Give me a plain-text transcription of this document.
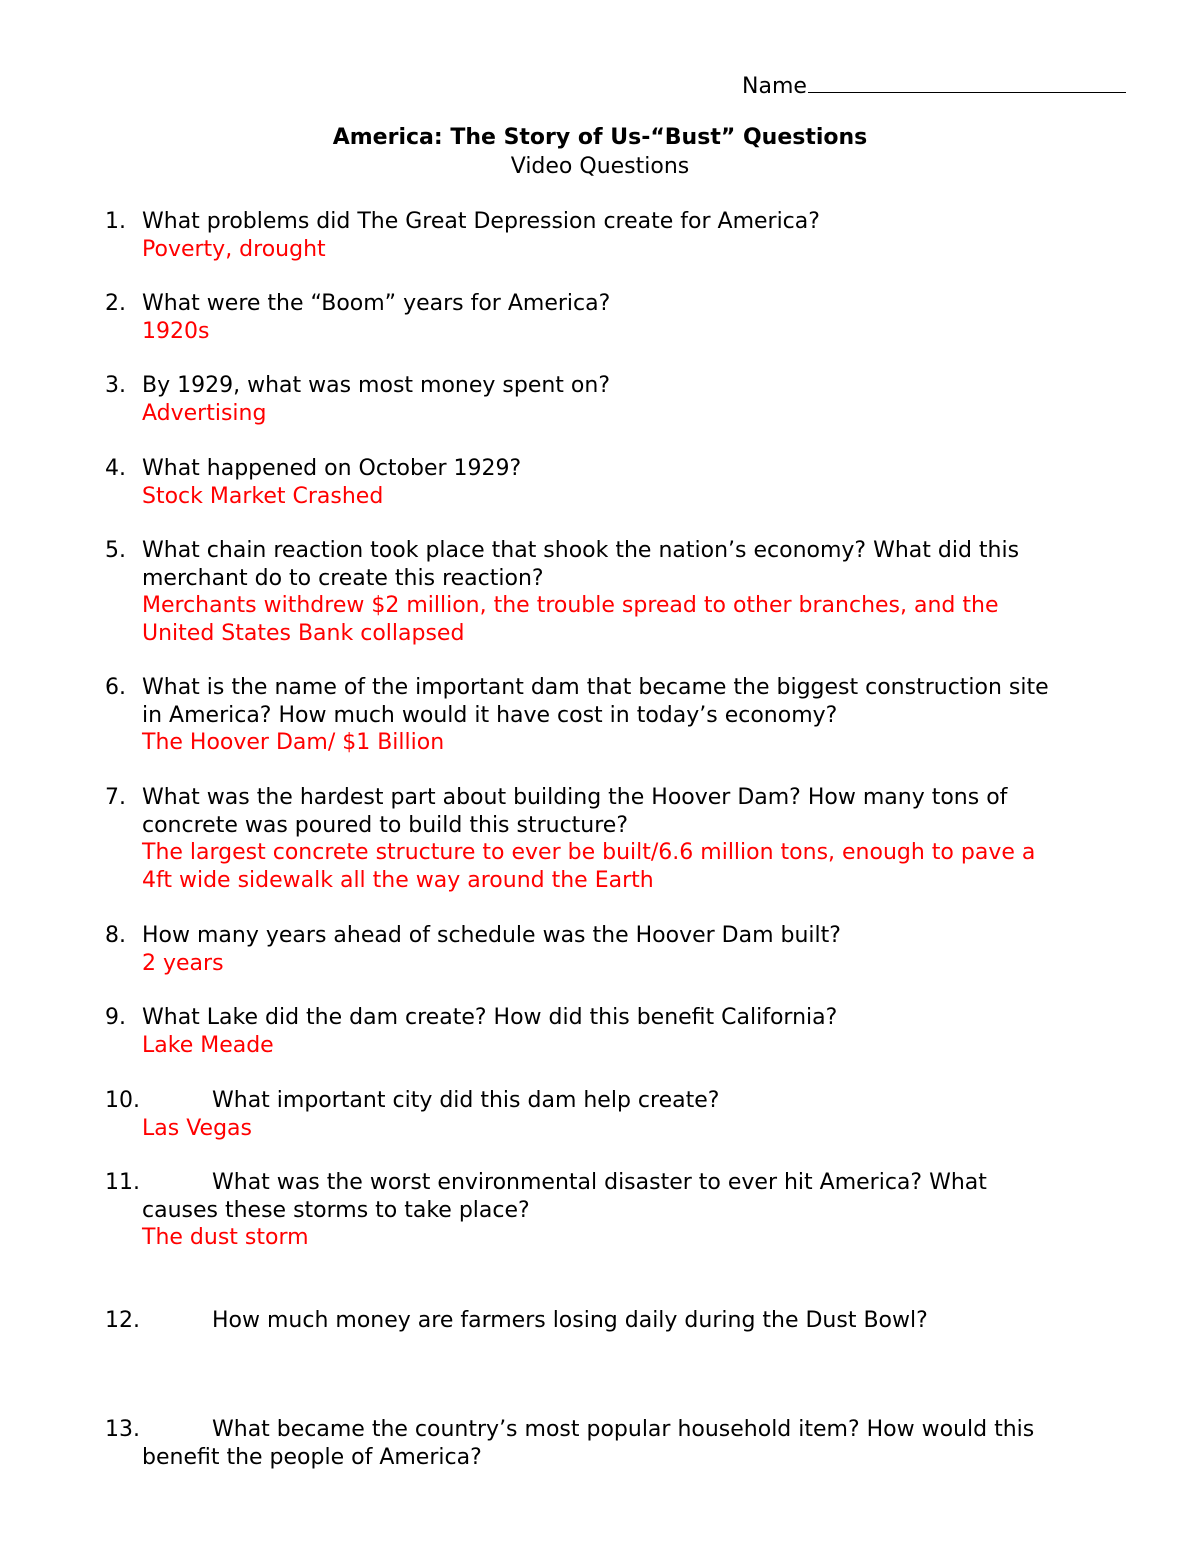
Name
America: The Story of Us-“Bust” Questions
Video Questions
1. What problems did The Great Depression create for America?
Poverty, drought
2. What were the “Boom” years for America?
1920s
3. By 1929, what was most money spent on?
Advertising
4. What happened on October 1929?
Stock Market Crashed
5. What chain reaction took place that shook the nation’s economy? What did this
merchant do to create this reaction?
Merchants withdrew $2 million, the trouble spread to other branches, and the
United States Bank collapsed
6. What is the name of the important dam that became the biggest construction site
in America? How much would it have cost in today’s economy?
The Hoover Dam/ $1 Billion
7. What was the hardest part about building the Hoover Dam? How many tons of
concrete was poured to build this structure?
The largest concrete structure to ever be built/6.6 million tons, enough to pave a
4ft wide sidewalk all the way around the Earth
8. How many years ahead of schedule was the Hoover Dam built?
2 years
9. What Lake did the dam create? How did this benefit California?
Lake Meade
10.	What important city did this dam help create?
Las Vegas
11.	What was the worst environmental disaster to ever hit America? What
causes these storms to take place?
The dust storm
12.	How much money are farmers losing daily during the Dust Bowl?
13.	What became the country’s most popular household item? How would this
benefit the people of America?
